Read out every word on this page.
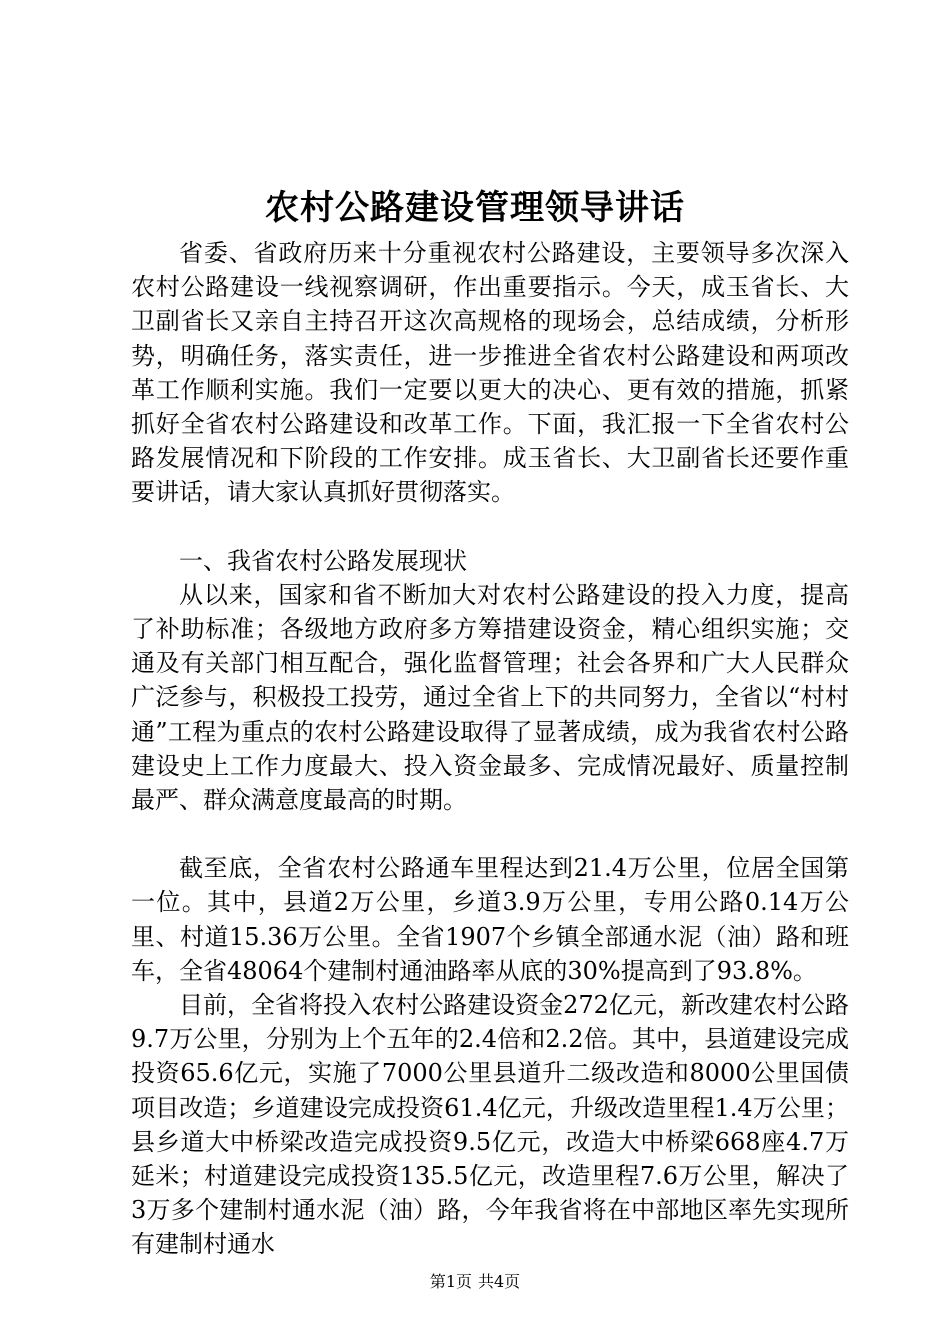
农村公路建设管理领导讲话

省委、省政府历来十分重视农村公路建设，主要领导多次深入农村公路建设一线视察调研，作出重要指示。今天，成玉省长、大卫副省长又亲自主持召开这次高规格的现场会，总结成绩，分析形势，明确任务，落实责任，进一步推进全省农村公路建设和两项改革工作顺利实施。我们一定要以更大的决心、更有效的措施，抓紧抓好全省农村公路建设和改革工作。下面，我汇报一下全省农村公路发展情况和下阶段的工作安排。成玉省长、大卫副省长还要作重要讲话，请大家认真抓好贯彻落实。

一、我省农村公路发展现状

从以来，国家和省不断加大对农村公路建设的投入力度，提高了补助标准；各级地方政府多方筹措建设资金，精心组织实施；交通及有关部门相互配合，强化监督管理；社会各界和广大人民群众广泛参与，积极投工投劳，通过全省上下的共同努力，全省以“村村通”工程为重点的农村公路建设取得了显著成绩，成为我省农村公路建设史上工作力度最大、投入资金最多、完成情况最好、质量控制最严、群众满意度最高的时期。

截至底，全省农村公路通车里程达到21.4万公里，位居全国第一位。其中，县道2万公里，乡道3.9万公里，专用公路0.14万公里、村道15.36万公里。全省1907个乡镇全部通水泥（油）路和班车，全省48064个建制村通油路率从底的30%提高到了93.8%。

目前，全省将投入农村公路建设资金272亿元，新改建农村公路9.7万公里，分别为上个五年的2.4倍和2.2倍。其中，县道建设完成投资65.6亿元，实施了7000公里县道升二级改造和8000公里国债项目改造；乡道建设完成投资61.4亿元，升级改造里程1.4万公里；县乡道大中桥梁改造完成投资9.5亿元，改造大中桥梁668座4.7万延米；村道建设完成投资135.5亿元，改造里程7.6万公里，解决了3万多个建制村通水泥（油）路，今年我省将在中部地区率先实现所有建制村通水

第1页 共4页
